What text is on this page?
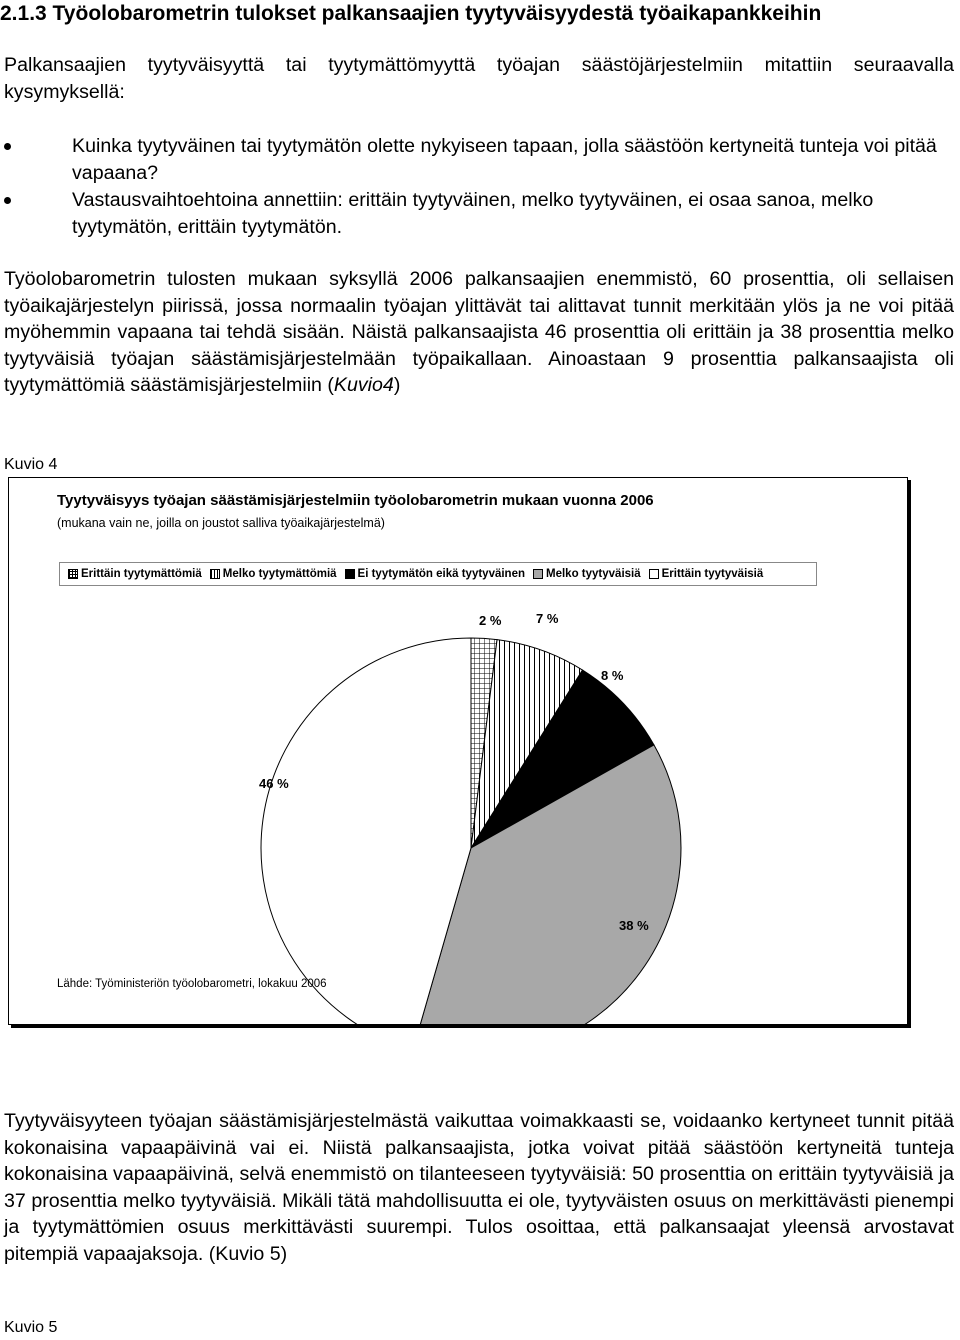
2.1.3 Työolobarometrin tulokset palkansaajien tyytyväisyydestä työaikapankkeihin
Palkansaajien tyytyväisyyttä tai tyytymättömyyttä työajan säästöjärjestelmiin mitattiin seuraavalla kysymyksellä:
Kuinka tyytyväinen tai tyytymätön olette nykyiseen tapaan, jolla säästöön kertyneitä tunteja voi pitää vapaana?
Vastausvaihtoehtoina annettiin: erittäin tyytyväinen, melko tyytyväinen, ei osaa sanoa, melko tyytymätön, erittäin tyytymätön.
Työolobarometrin tulosten mukaan syksyllä 2006 palkansaajien enemmistö, 60 prosenttia, oli sellaisen työaikajärjestelyn piirissä, jossa normaalin työajan ylittävät tai alittavat tunnit merkitään ylös ja ne voi pitää myöhemmin vapaana tai tehdä sisään. Näistä palkansaajista 46 prosenttia oli erittäin ja 38 prosenttia melko tyytyväisiä työajan säästämisjärjestelmään työpaikallaan. Ainoastaan 9 prosenttia palkansaajista oli tyytymättömiä säästämisjärjestelmiin (Kuvio4)
Kuvio 4
Tyytyväisyys työajan säästämisjärjestelmiin työolobarometrin mukaan vuonna 2006
(mukana vain ne, joilla on joustot salliva työaikajärjestelmä)
Erittäin tyytymättömiä Melko tyytymättömiä Ei tyytymätön eikä tyytyväinen Melko tyytyväisiä Erittäin tyytyväisiä
2 %	7 %
8 %
38 %
46 %
Lähde: Työministeriön työolobarometri, lokakuu 2006
Tyytyväisyyteen työajan säästämisjärjestelmästä vaikuttaa voimakkaasti se, voidaanko kertyneet tunnit pitää kokonaisina vapaapäivinä vai ei. Niistä palkansaajista, jotka voivat pitää säästöön kertyneitä tunteja kokonaisina vapaapäivinä, selvä enemmistö on tilanteeseen tyytyväisiä: 50 prosenttia on erittäin tyytyväisiä ja 37 prosenttia melko tyytyväisiä. Mikäli tätä mahdollisuutta ei ole, tyytyväisten osuus on merkittävästi pienempi ja tyytymättömien osuus merkittävästi suurempi. Tulos osoittaa, että palkansaajat yleensä arvostavat pitempiä vapaajaksoja. (Kuvio 5)
Kuvio 5
